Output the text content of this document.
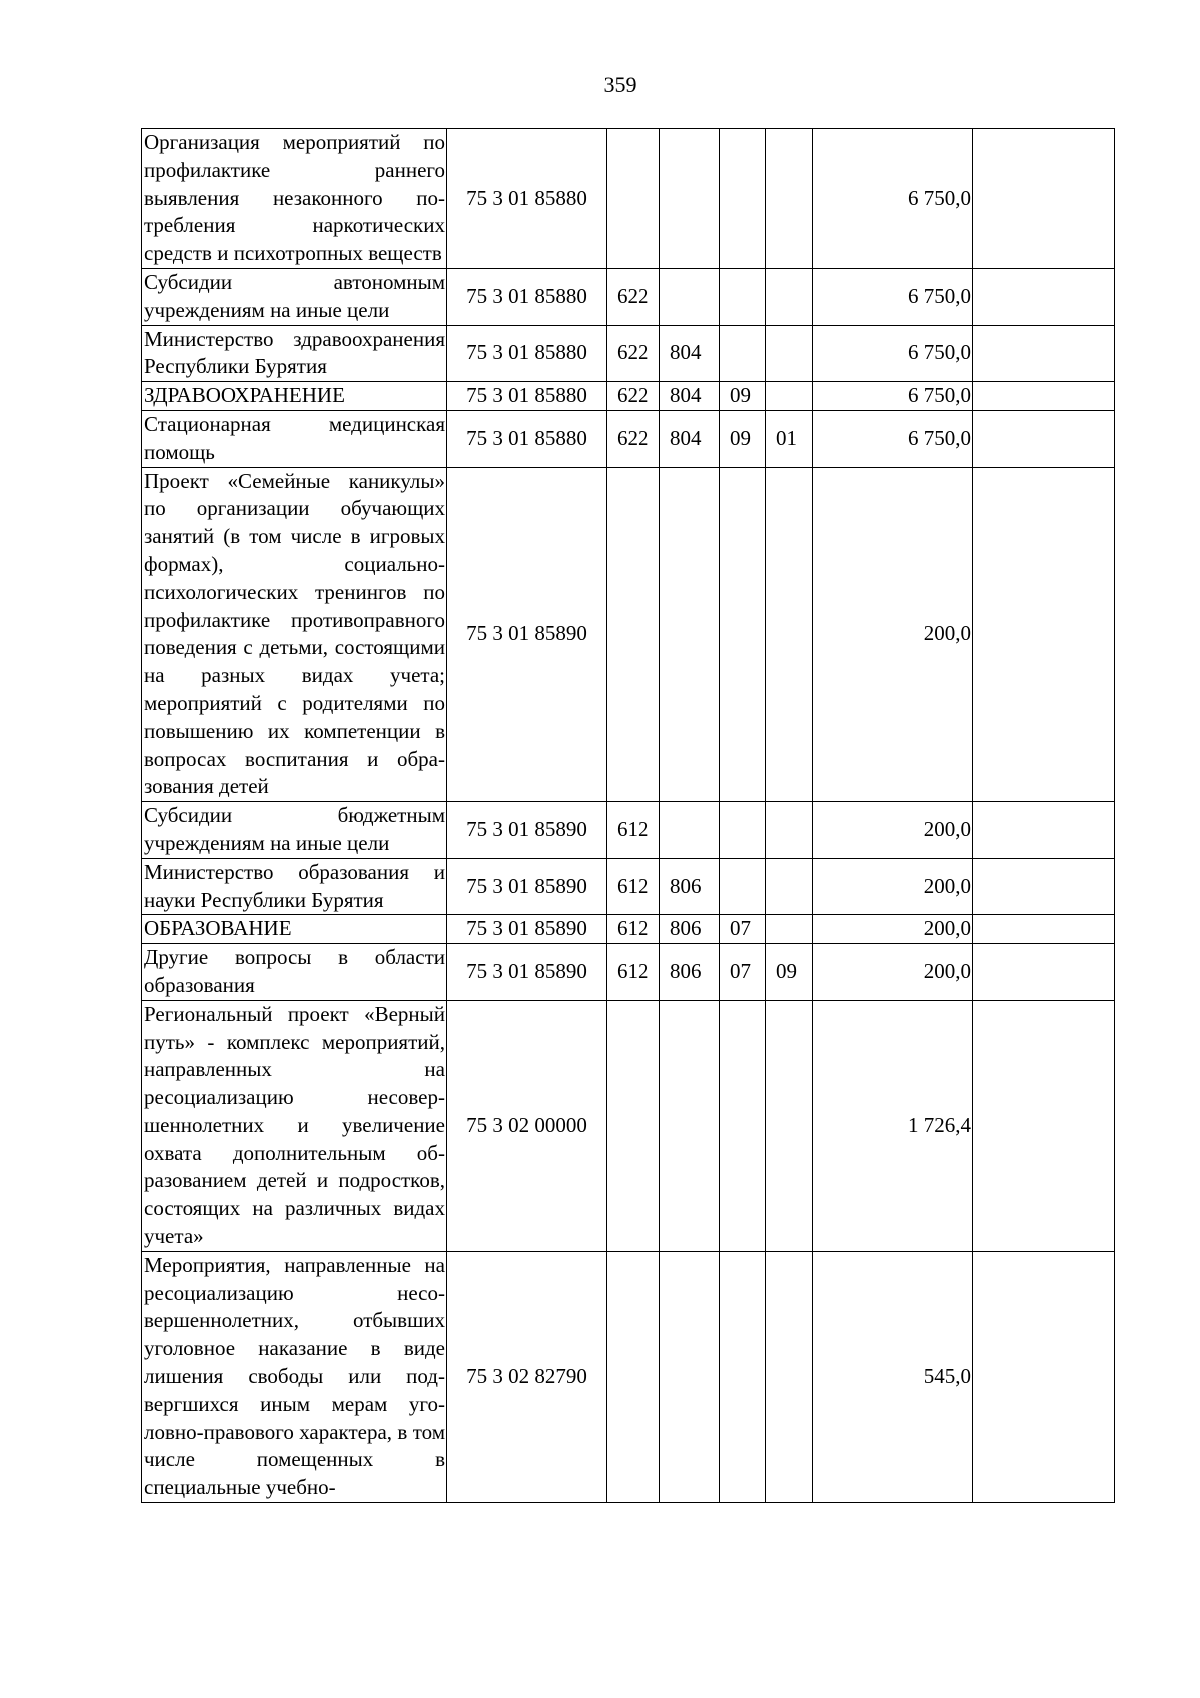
359
Организация мероприятий по профилактике раннего выявления незаконного потребления наркотических средств и психотропных веществ	75 3 01 85880					6 750,0	
Субсидии автономным учреждениям на иные цели	75 3 01 85880	622				6 750,0	
Министерство здравоохранения Республики Бурятия	75 3 01 85880	622	804			6 750,0	
ЗДРАВООХРАНЕНИЕ	75 3 01 85880	622	804	09		6 750,0	
Стационарная медицинская помощь	75 3 01 85880	622	804	09	01	6 750,0	
Проект «Семейные каникулы» по организации обучающих занятий (в том числе в игровых формах), социально-психологических тренингов по профилактике противоправного поведения с детьми, состоящими на разных видах учета; мероприятий с родителями по повышению их компетенции в вопросах воспитания и образования детей	75 3 01 85890					200,0	
Субсидии бюджетным учреждениям на иные цели	75 3 01 85890	612				200,0	
Министерство образования и науки Республики Бурятия	75 3 01 85890	612	806			200,0	
ОБРАЗОВАНИЕ	75 3 01 85890	612	806	07		200,0	
Другие вопросы в области образования	75 3 01 85890	612	806	07	09	200,0	
Региональный проект «Верный путь» - комплекс мероприятий, направленных на ресоциализацию несовершеннолетних и увеличение охвата дополнительным образованием детей и подростков, состоящих на различных видах учета»	75 3 02 00000					1 726,4	
Мероприятия, направленные на ресоциализацию несовершеннолетних, отбывших уголовное наказание в виде лишения свободы или подвергшихся иным мерам уголовно-правового характера, в том числе помещенных в специальные учебно-	75 3 02 82790					545,0	
